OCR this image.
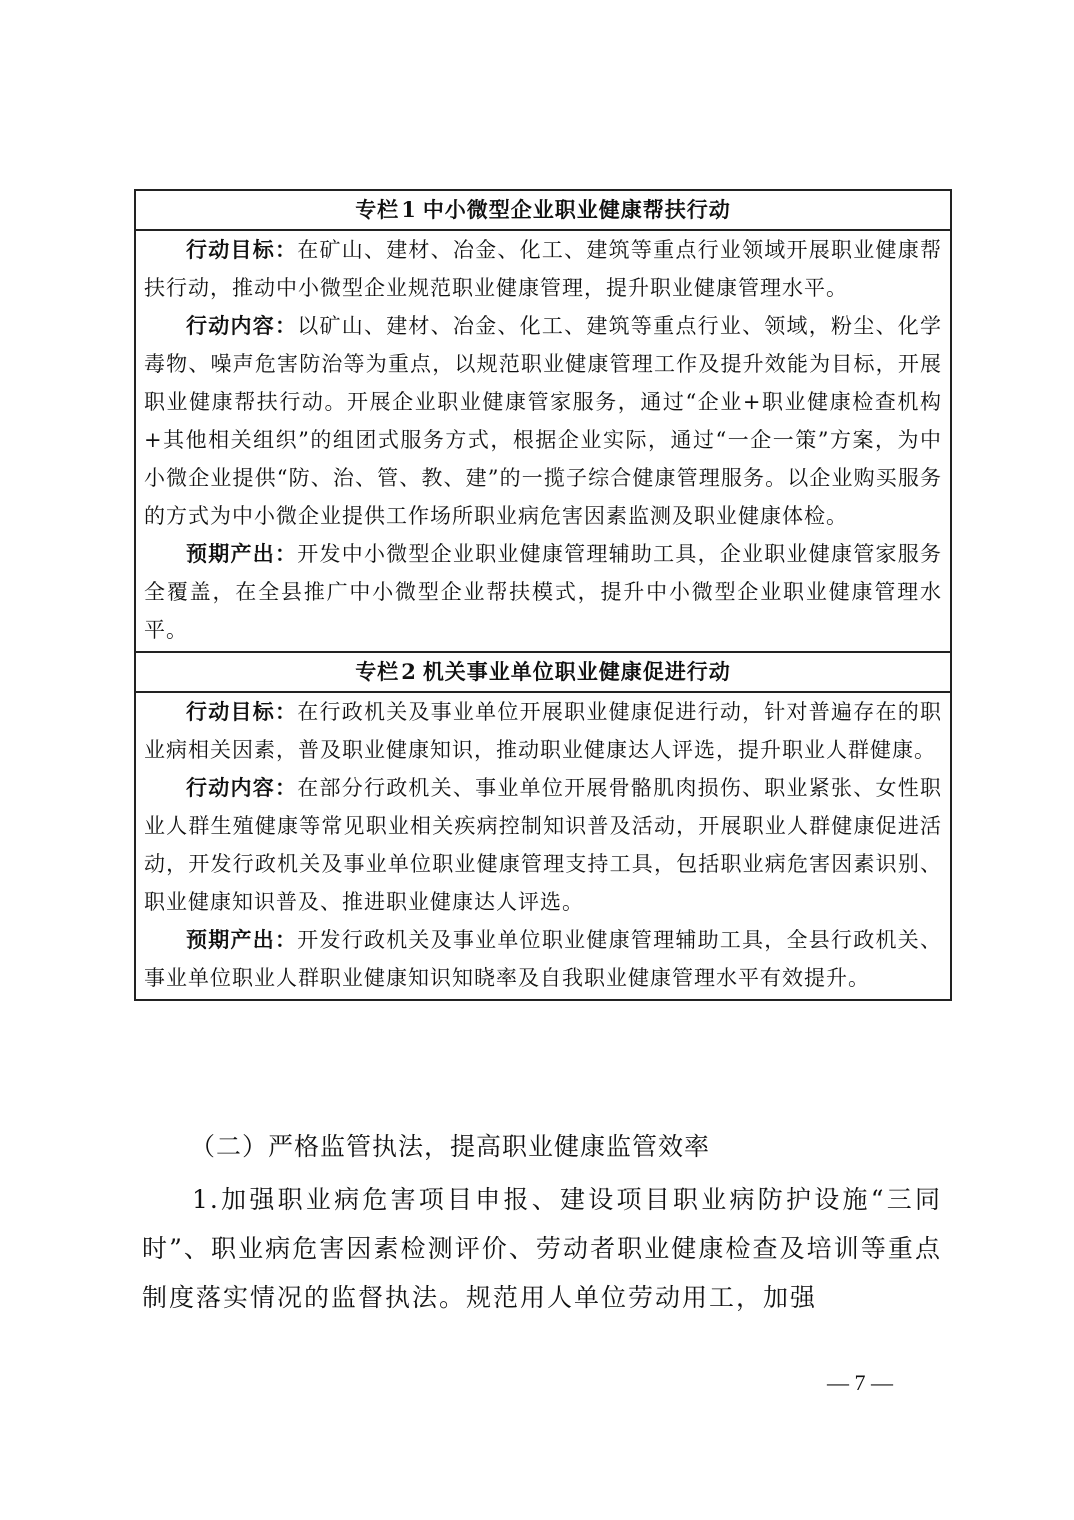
专栏1 中小微型企业职业健康帮扶行动

行动目标：在矿山、建材、冶金、化工、建筑等重点行业领域开展职业健康帮扶行动，推动中小微型企业规范职业健康管理，提升职业健康管理水平。

行动内容：以矿山、建材、冶金、化工、建筑等重点行业、领域，粉尘、化学毒物、噪声危害防治等为重点，以规范职业健康管理工作及提升效能为目标，开展职业健康帮扶行动。开展企业职业健康管家服务，通过“企业+职业健康检查机构+其他相关组织”的组团式服务方式，根据企业实际，通过“一企一策”方案，为中小微企业提供“防、治、管、教、建”的一揽子综合健康管理服务。以企业购买服务的方式为中小微企业提供工作场所职业病危害因素监测及职业健康体检。

预期产出：开发中小微型企业职业健康管理辅助工具，企业职业健康管家服务全覆盖，在全县推广中小微型企业帮扶模式，提升中小微型企业职业健康管理水平。

专栏2 机关事业单位职业健康促进行动

行动目标：在行政机关及事业单位开展职业健康促进行动，针对普遍存在的职业病相关因素，普及职业健康知识，推动职业健康达人评选，提升职业人群健康。

行动内容：在部分行政机关、事业单位开展骨骼肌肉损伤、职业紧张、女性职业人群生殖健康等常见职业相关疾病控制知识普及活动，开展职业人群健康促进活动，开发行政机关及事业单位职业健康管理支持工具，包括职业病危害因素识别、职业健康知识普及、推进职业健康达人评选。

预期产出：开发行政机关及事业单位职业健康管理辅助工具，全县行政机关、事业单位职业人群职业健康知识知晓率及自我职业健康管理水平有效提升。

（二）严格监管执法，提高职业健康监管效率

1.加强职业病危害项目申报、建设项目职业病防护设施“三同时”、职业病危害因素检测评价、劳动者职业健康检查及培训等重点制度落实情况的监督执法。规范用人单位劳动用工，加强

— 7 —
